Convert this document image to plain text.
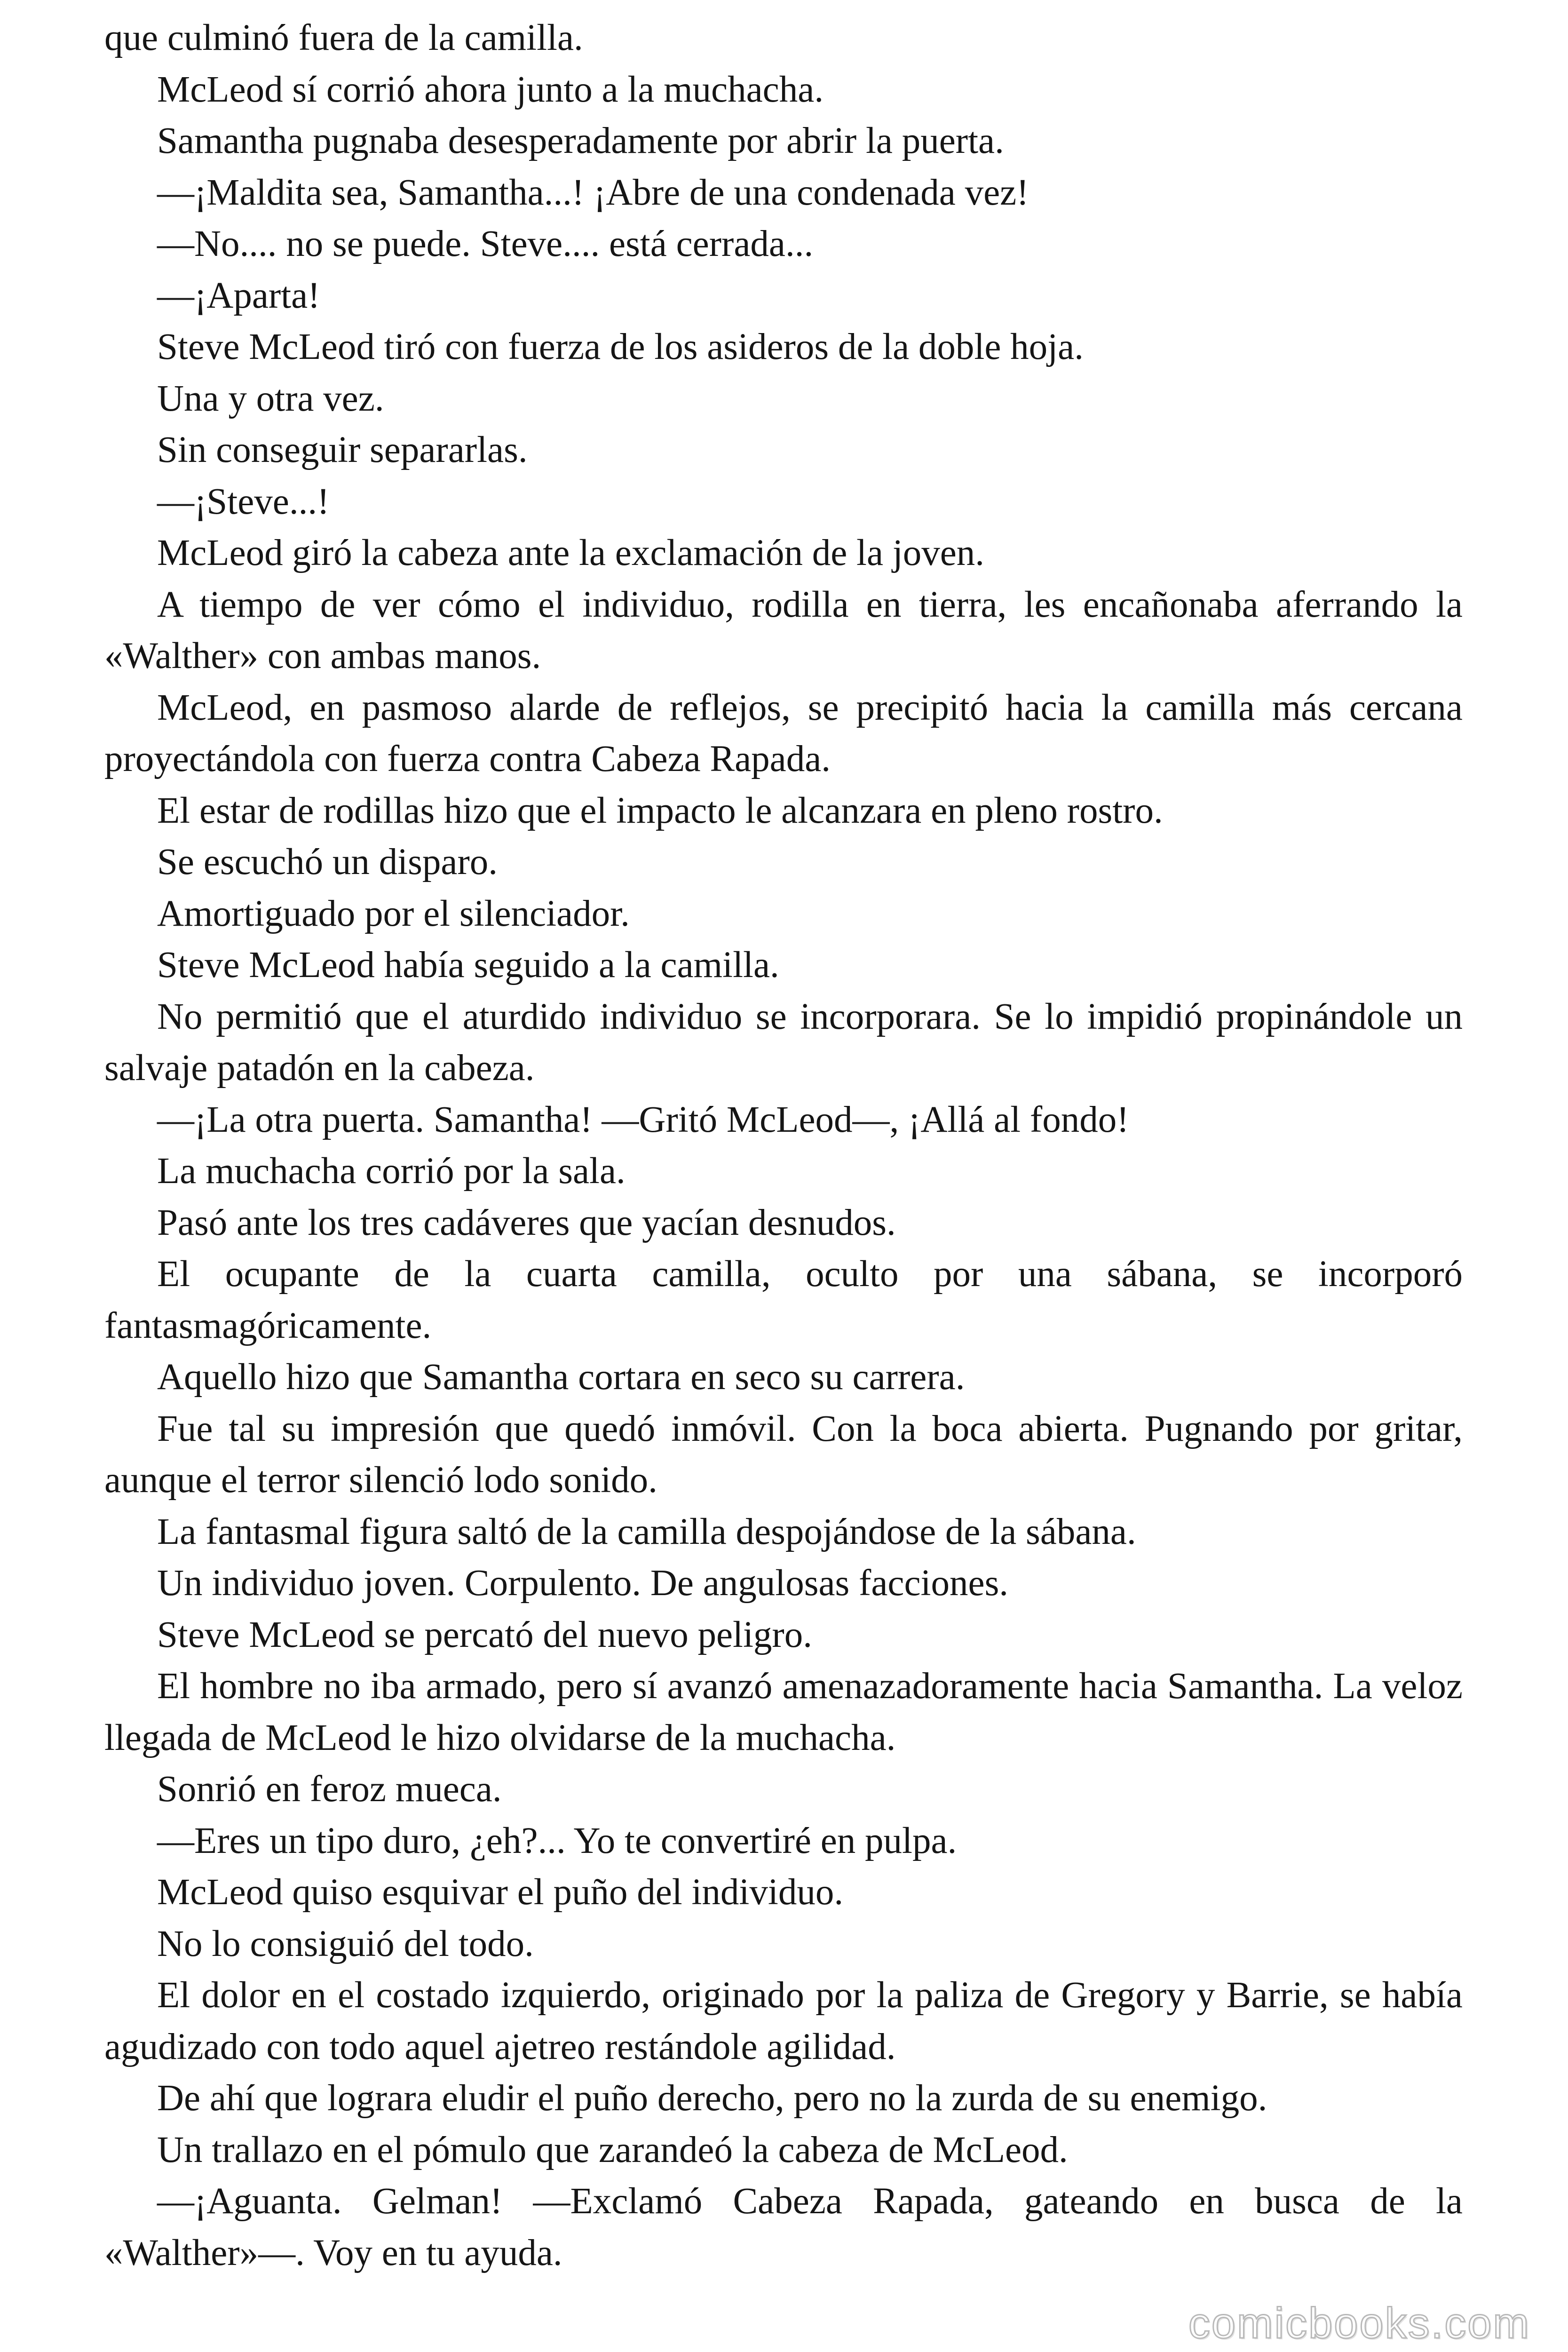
que culminó fuera de la camilla.

McLeod sí corrió ahora junto a la muchacha.

Samantha pugnaba desesperadamente por abrir la puerta.

—¡Maldita sea, Samantha...! ¡Abre de una condenada vez!

—No.... no se puede. Steve.... está cerrada...

—¡Aparta!

Steve McLeod tiró con fuerza de los asideros de la doble hoja.

Una y otra vez.

Sin conseguir separarlas.

—¡Steve...!

McLeod giró la cabeza ante la exclamación de la joven.

A tiempo de ver cómo el individuo, rodilla en tierra, les encañonaba aferrando la «Walther» con ambas manos.

McLeod, en pasmoso alarde de reflejos, se precipitó hacia la camilla más cercana proyectándola con fuerza contra Cabeza Rapada.

El estar de rodillas hizo que el impacto le alcanzara en pleno rostro.

Se escuchó un disparo.

Amortiguado por el silenciador.

Steve McLeod había seguido a la camilla.

No permitió que el aturdido individuo se incorporara. Se lo impidió propinándole un salvaje patadón en la cabeza.

—¡La otra puerta. Samantha! —Gritó McLeod—, ¡Allá al fondo!

La muchacha corrió por la sala.

Pasó ante los tres cadáveres que yacían desnudos.

El ocupante de la cuarta camilla, oculto por una sábana, se incorporó fantasmagóricamente.

Aquello hizo que Samantha cortara en seco su carrera.

Fue tal su impresión que quedó inmóvil. Con la boca abierta. Pugnando por gritar, aunque el terror silenció lodo sonido.

La fantasmal figura saltó de la camilla despojándose de la sábana.

Un individuo joven. Corpulento. De angulosas facciones.

Steve McLeod se percató del nuevo peligro.

El hombre no iba armado, pero sí avanzó amenazadoramente hacia Samantha. La veloz llegada de McLeod le hizo olvidarse de la muchacha.

Sonrió en feroz mueca.

—Eres un tipo duro, ¿eh?... Yo te convertiré en pulpa.

McLeod quiso esquivar el puño del individuo.

No lo consiguió del todo.

El dolor en el costado izquierdo, originado por la paliza de Gregory y Barrie, se había agudizado con todo aquel ajetreo restándole agilidad.

De ahí que lograra eludir el puño derecho, pero no la zurda de su enemigo.

Un trallazo en el pómulo que zarandeó la cabeza de McLeod.

—¡Aguanta. Gelman! —Exclamó Cabeza Rapada, gateando en busca de la «Walther»—. Voy en tu ayuda.

comicbooks.com
